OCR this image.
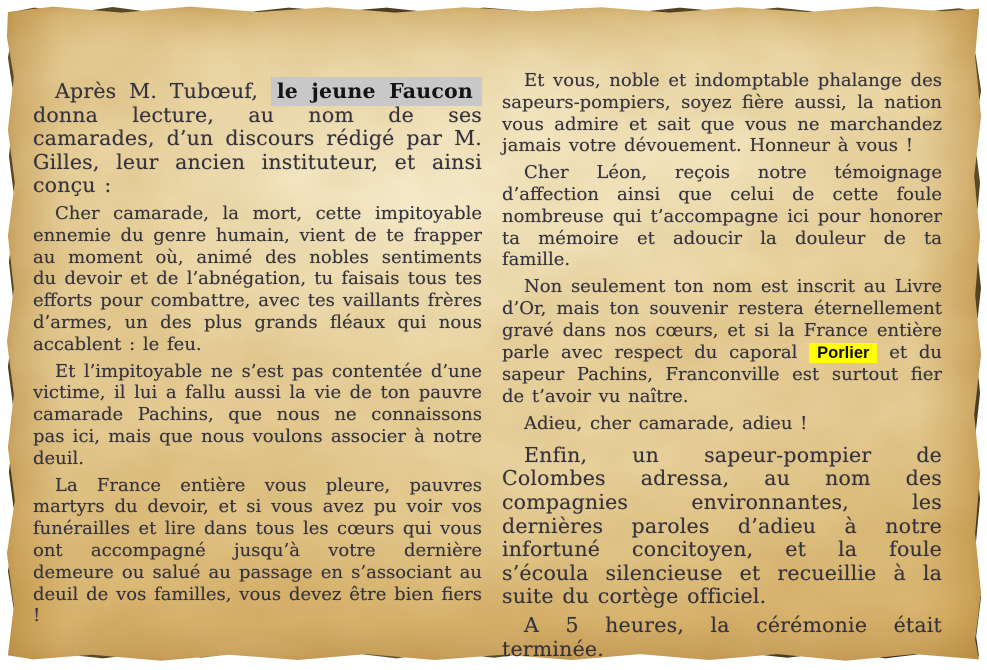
Après M. Tubœuf, le jeune Faucon donna lecture, au nom de ses camarades, d’un discours rédigé par M. Gilles, leur ancien instituteur, et ainsi conçu :

Cher camarade, la mort, cette impitoyable ennemie du genre humain, vient de te frapper au moment où, animé des nobles sentiments du devoir et de l’abnégation, tu faisais tous tes efforts pour combattre, avec tes vaillants frères d’armes, un des plus grands fléaux qui nous accablent : le feu.

Et l’impitoyable ne s’est pas contentée d’une victime, il lui a fallu aussi la vie de ton pauvre camarade Pachins, que nous ne connaissons pas ici, mais que nous voulons associer à notre deuil.

La France entière vous pleure, pauvres martyrs du devoir, et si vous avez pu voir vos funérailles et lire dans tous les cœurs qui vous ont accompagné jusqu’à votre dernière demeure ou salué au passage en s’associant au deuil de vos familles, vous devez être bien fiers !

Et vous, noble et indomptable phalange des sapeurs-pompiers, soyez fière aussi, la nation vous admire et sait que vous ne marchandez jamais votre dévouement. Honneur à vous !

Cher Léon, reçois notre témoignage d’affection ainsi que celui de cette foule nombreuse qui t’accompagne ici pour honorer ta mémoire et adoucir la douleur de ta famille.

Non seulement ton nom est inscrit au Livre d’Or, mais ton souvenir restera éternellement gravé dans nos cœurs, et si la France entière parle avec respect du caporal Porlier et du sapeur Pachins, Franconville est surtout fier de t’avoir vu naître.

Adieu, cher camarade, adieu !

Enfin, un sapeur-pompier de Colombes adressa, au nom des compagnies environnantes, les dernières paroles d’adieu à notre infortuné concitoyen, et la foule s’écoula silencieuse et recueillie à la suite du cortège officiel.

A 5 heures, la cérémonie était terminée.
